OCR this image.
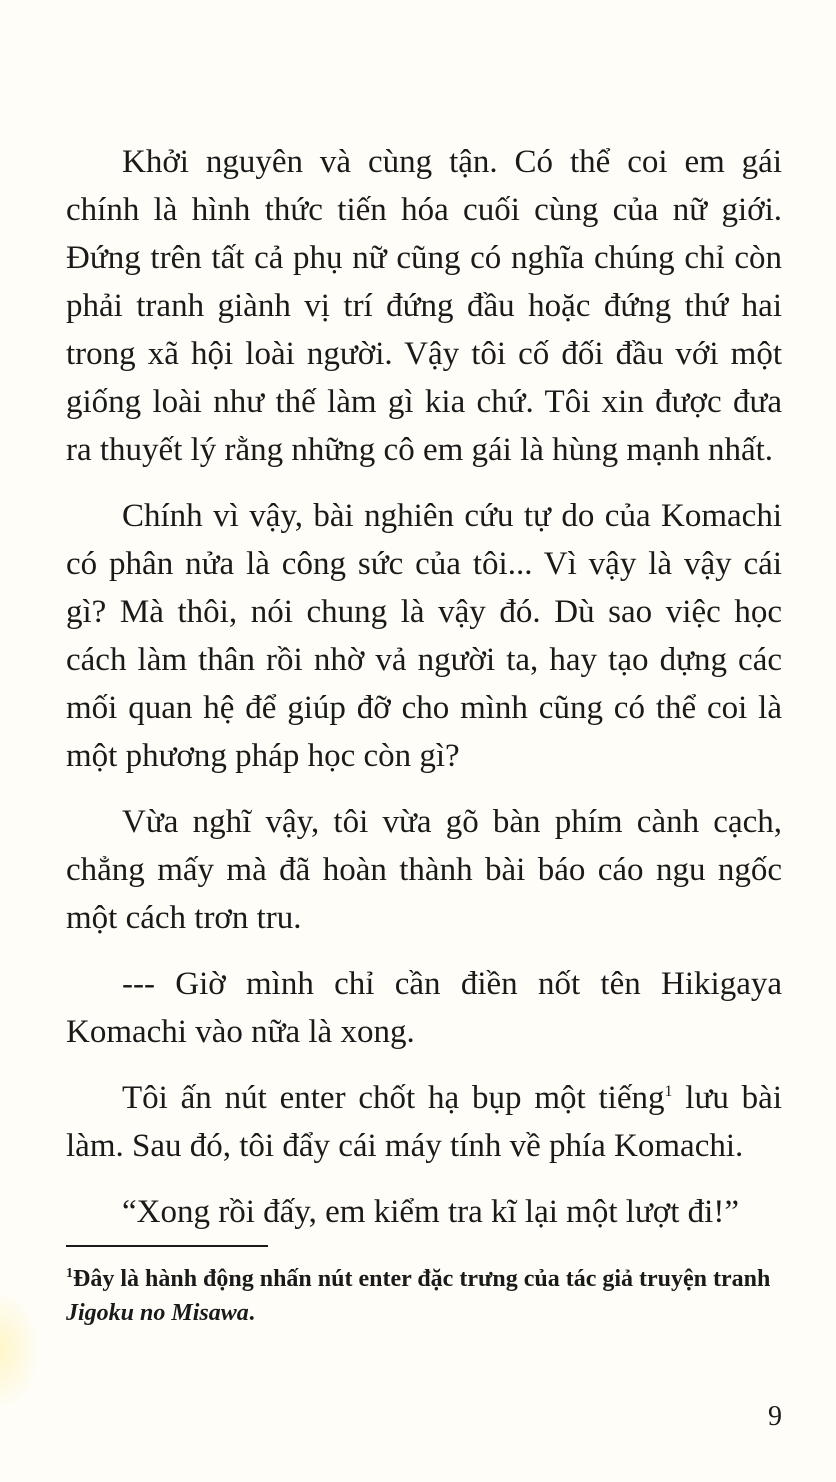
Khởi nguyên và cùng tận. Có thể coi em gái chính là hình thức tiến hóa cuối cùng của nữ giới. Đứng trên tất cả phụ nữ cũng có nghĩa chúng chỉ còn phải tranh giành vị trí đứng đầu hoặc đứng thứ hai trong xã hội loài người. Vậy tôi cố đối đầu với một giống loài như thế làm gì kia chứ. Tôi xin được đưa ra thuyết lý rằng những cô em gái là hùng mạnh nhất.

Chính vì vậy, bài nghiên cứu tự do của Komachi có phân nửa là công sức của tôi... Vì vậy là vậy cái gì? Mà thôi, nói chung là vậy đó. Dù sao việc học cách làm thân rồi nhờ vả người ta, hay tạo dựng các mối quan hệ để giúp đỡ cho mình cũng có thể coi là một phương pháp học còn gì?

Vừa nghĩ vậy, tôi vừa gõ bàn phím cành cạch, chẳng mấy mà đã hoàn thành bài báo cáo ngu ngốc một cách trơn tru.

--- Giờ mình chỉ cần điền nốt tên Hikigaya Komachi vào nữa là xong.

Tôi ấn nút enter chốt hạ bụp một tiếng$^1$ lưu bài làm. Sau đó, tôi đẩy cái máy tính về phía Komachi.

“Xong rồi đấy, em kiểm tra kĩ lại một lượt đi!”

$^1$Đây là hành động nhấn nút enter đặc trưng của tác giả truyện tranh Jigoku no Misawa.
9
